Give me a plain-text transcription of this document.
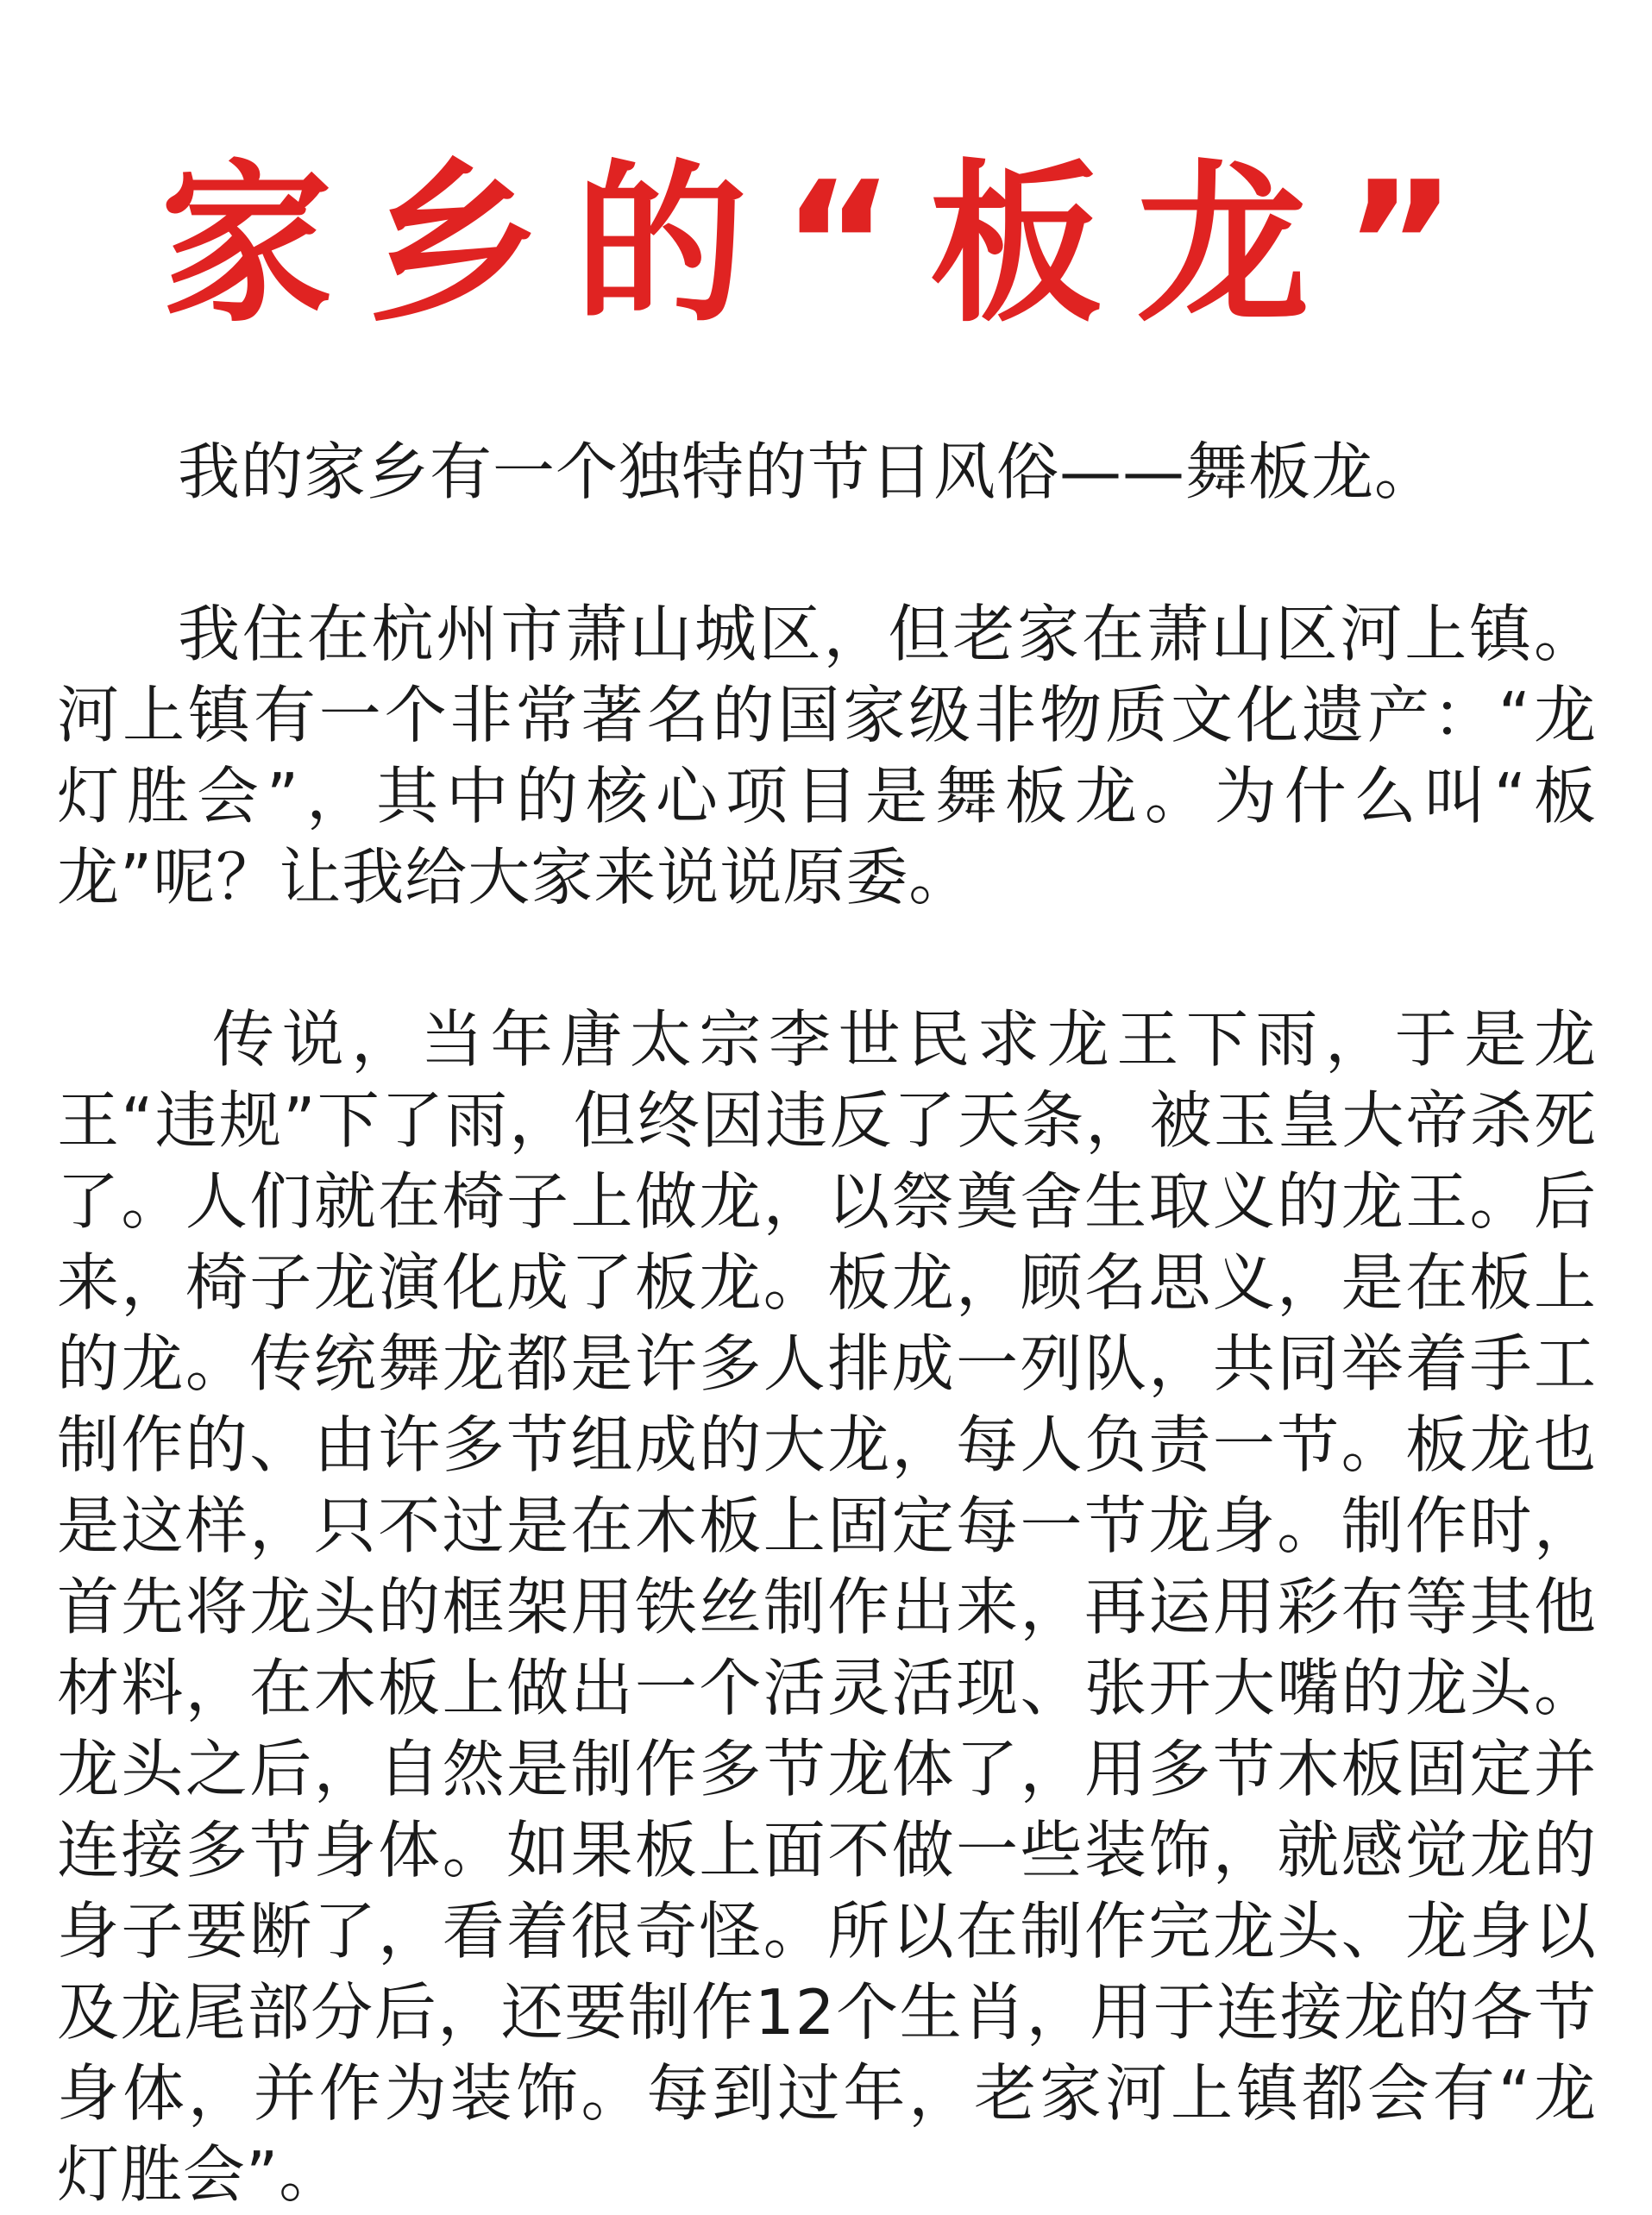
家乡的“板龙”

我的家乡有一个独特的节日风俗——舞板龙。

我住在杭州市萧山城区，但老家在萧山区河上镇。河上镇有一个非常著名的国家级非物质文化遗产：“龙灯胜会”，其中的核心项目是舞板龙。为什么叫“板龙”呢？让我给大家来说说原委。

传说，当年唐太宗李世民求龙王下雨，于是龙王“违规”下了雨，但终因违反了天条，被玉皇大帝杀死了。人们就在椅子上做龙，以祭奠舍生取义的龙王。后来，椅子龙演化成了板龙。板龙，顾名思义，是在板上的龙。传统舞龙都是许多人排成一列队，共同举着手工制作的、由许多节组成的大龙，每人负责一节。板龙也是这样，只不过是在木板上固定每一节龙身。制作时，首先将龙头的框架用铁丝制作出来，再运用彩布等其他材料，在木板上做出一个活灵活现、张开大嘴的龙头。龙头之后，自然是制作多节龙体了，用多节木板固定并连接多节身体。如果板上面不做一些装饰，就感觉龙的身子要断了，看着很奇怪。所以在制作完龙头、龙身以及龙尾部分后，还要制作12个生肖，用于连接龙的各节身体，并作为装饰。每到过年，老家河上镇都会有“龙灯胜会”。
